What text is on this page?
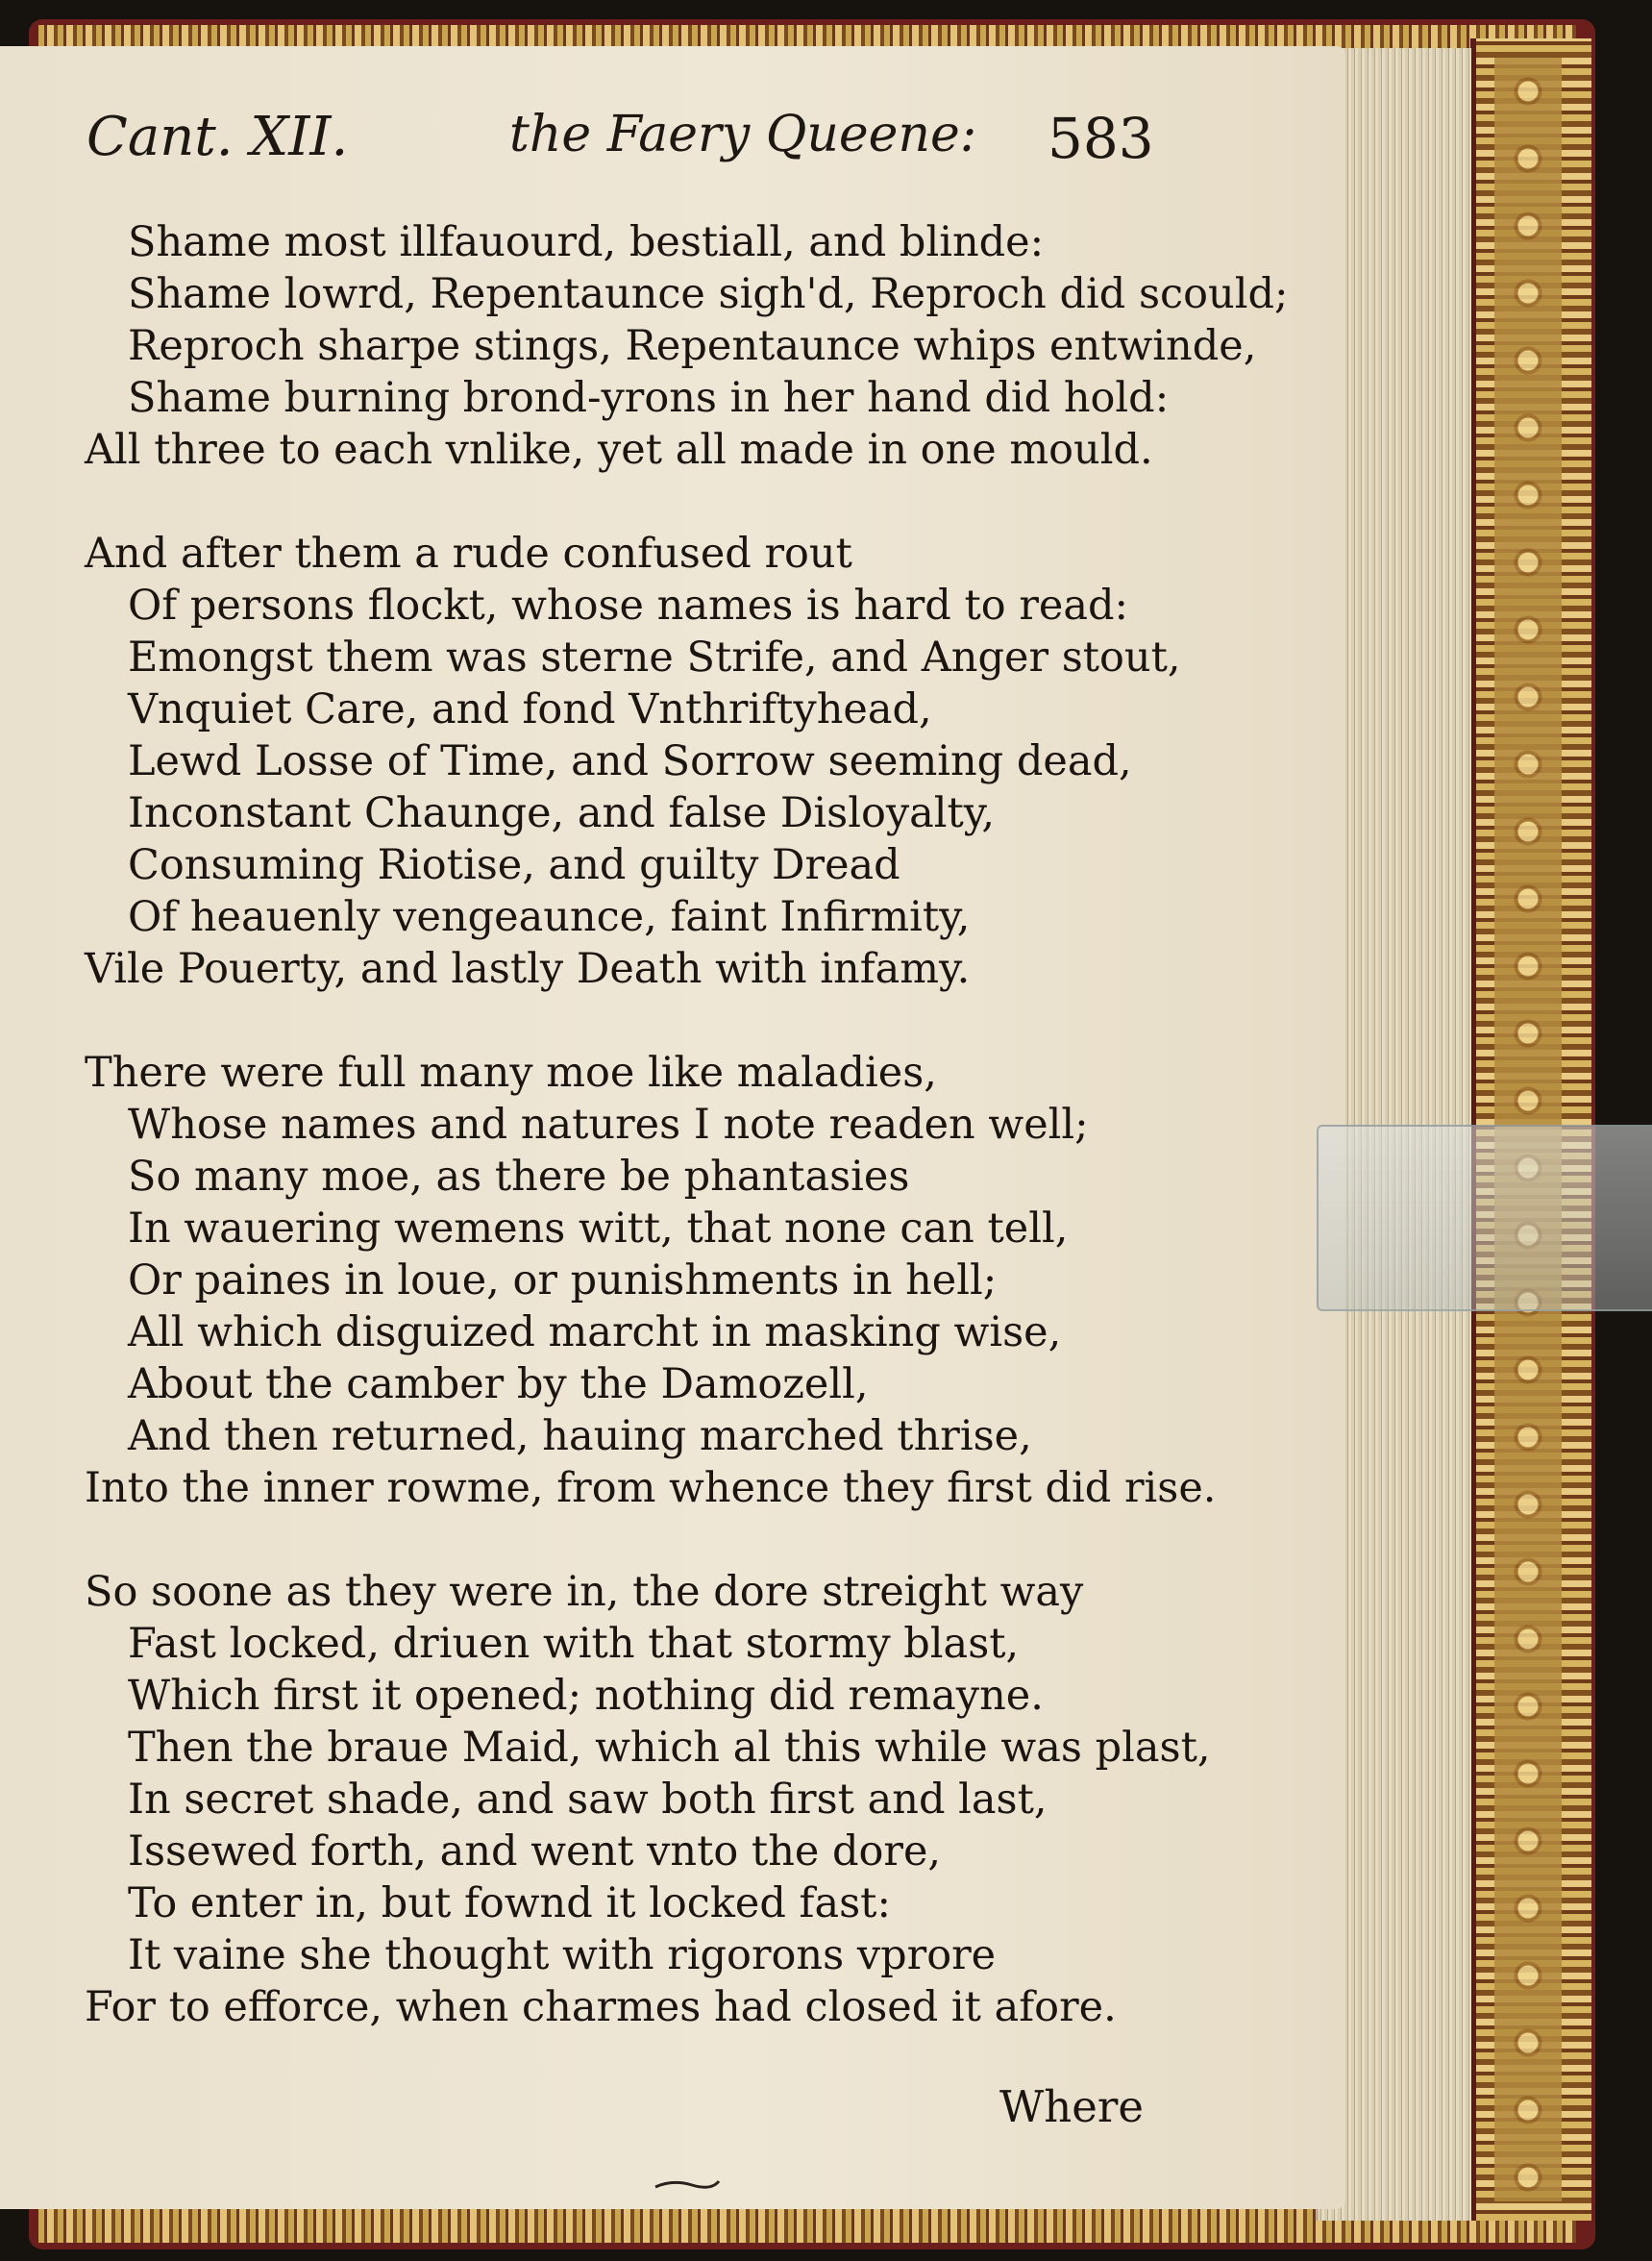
Cant. XII.	the Faery Queene: 583
Shame most illfauourd, bestiall, and blinde:
Shame lowrd, Repentaunce sigh'd, Reproch did scould;
Reproch sharpe stings, Repentaunce whips entwinde,
Shame burning brond-yrons in her hand did hold:
All three to each vnlike, yet all made in one mould.
And after them a rude confused rout
Of persons flockt, whose names is hard to read:
Emongst them was sterne Strife, and Anger stout,
Vnquiet Care, and fond Vnthriftyhead,
Lewd Losse of Time, and Sorrow seeming dead,
Inconstant Chaunge, and false Disloyalty,
Consuming Riotise, and guilty Dread
Of heauenly vengeaunce, faint Infirmity,
Vile Pouerty, and lastly Death with infamy.
There were full many moe like maladies,
Whose names and natures I note readen well;
So many moe, as there be phantasies
In wauering wemens witt, that none can tell,
Or paines in loue, or punishments in hell;
All which disguized marcht in masking wise,
About the camber by the Damozell,
And then returned, hauing marched thrise,
Into the inner rowme, from whence they first did rise.
So soone as they were in, the dore streight way
Fast locked, driuen with that stormy blast,
Which first it opened; nothing did remayne.
Then the braue Maid, which al this while was plast,
In secret shade, and saw both first and last,
Issewed forth, and went vnto the dore,
To enter in, but fownd it locked fast:
It vaine she thought with rigorons vprore
For to efforce, when charmes had closed it afore.
Where
